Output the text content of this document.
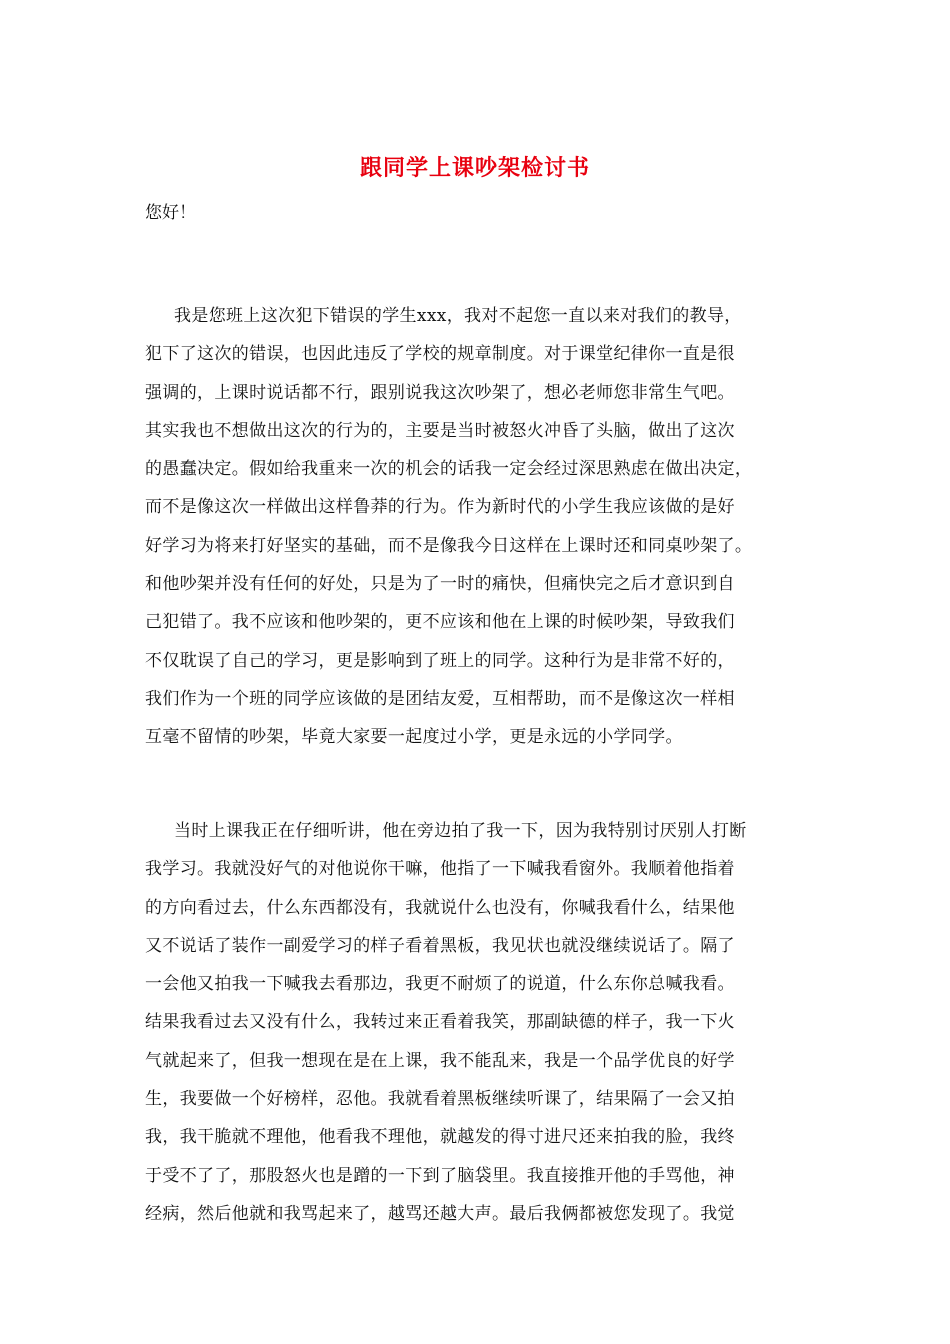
跟同学上课吵架检讨书
您好！
我是您班上这次犯下错误的学生xxx，我对不起您一直以来对我们的教导，
犯下了这次的错误，也因此违反了学校的规章制度。对于课堂纪律你一直是很
强调的，上课时说话都不行，跟别说我这次吵架了，想必老师您非常生气吧。
其实我也不想做出这次的行为的，主要是当时被怒火冲昏了头脑，做出了这次
的愚蠢决定。假如给我重来一次的机会的话我一定会经过深思熟虑在做出决定，
而不是像这次一样做出这样鲁莽的行为。作为新时代的小学生我应该做的是好
好学习为将来打好坚实的基础，而不是像我今日这样在上课时还和同桌吵架了。
和他吵架并没有任何的好处，只是为了一时的痛快，但痛快完之后才意识到自
己犯错了。我不应该和他吵架的，更不应该和他在上课的时候吵架，导致我们
不仅耽误了自己的学习，更是影响到了班上的同学。这种行为是非常不好的，
我们作为一个班的同学应该做的是团结友爱，互相帮助，而不是像这次一样相
互毫不留情的吵架，毕竟大家要一起度过小学，更是永远的小学同学。
当时上课我正在仔细听讲，他在旁边拍了我一下，因为我特别讨厌别人打断
我学习。我就没好气的对他说你干嘛，他指了一下喊我看窗外。我顺着他指着
的方向看过去，什么东西都没有，我就说什么也没有，你喊我看什么，结果他
又不说话了装作一副爱学习的样子看着黑板，我见状也就没继续说话了。隔了
一会他又拍我一下喊我去看那边，我更不耐烦了的说道，什么东你总喊我看。
结果我看过去又没有什么，我转过来正看着我笑，那副缺德的样子，我一下火
气就起来了，但我一想现在是在上课，我不能乱来，我是一个品学优良的好学
生，我要做一个好榜样，忍他。我就看着黑板继续听课了，结果隔了一会又拍
我，我干脆就不理他，他看我不理他，就越发的得寸进尺还来拍我的脸，我终
于受不了了，那股怒火也是蹭的一下到了脑袋里。我直接推开他的手骂他，神
经病，然后他就和我骂起来了，越骂还越大声。最后我俩都被您发现了。我觉
